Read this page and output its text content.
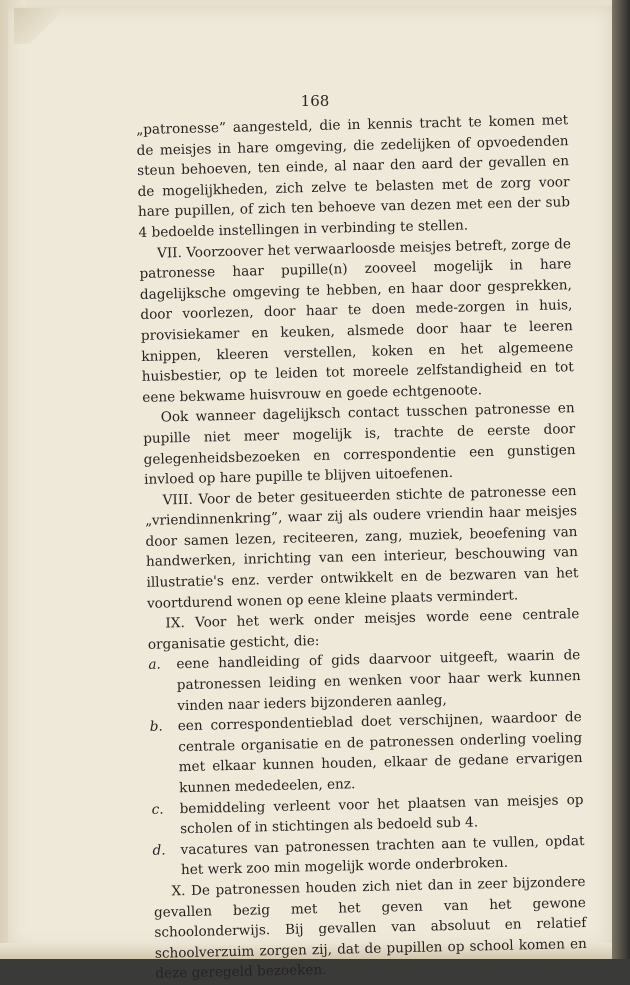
168

„patronesse” aangesteld, die in kennis tracht te komen met de meisjes in hare omgeving, die zedelijken of opvoedenden steun behoeven, ten einde, al naar den aard der gevallen en de mogelijkheden, zich zelve te belasten met de zorg voor hare pupillen, of zich ten behoeve van dezen met een der sub 4 bedoelde instellingen in verbinding te stellen.

VII. Voorzoover het verwaarloosde meisjes betreft, zorge de patronesse haar pupille(n) zooveel mogelijk in hare dagelijksche omgeving te hebben, en haar door gesprekken, door voorlezen, door haar te doen mede-zorgen in huis, provisiekamer en keuken, alsmede door haar te leeren knippen, kleeren verstellen, koken en het algemeene huisbestier, op te leiden tot moreele zelfstandigheid en tot eene bekwame huisvrouw en goede echtgenoote.

Ook wanneer dagelijksch contact tusschen patronesse en pupille niet meer mogelijk is, trachte de eerste door gelegenheidsbezoeken en correspondentie een gunstigen invloed op hare pupille te blijven uitoefenen.

VIII. Voor de beter gesitueerden stichte de patronesse een „vriendinnenkring”, waar zij als oudere vriendin haar meisjes door samen lezen, reciteeren, zang, muziek, beoefening van handwerken, inrichting van een interieur, beschouwing van illustratie's enz. verder ontwikkelt en de bezwaren van het voortdurend wonen op eene kleine plaats vermindert.

IX. Voor het werk onder meisjes worde eene centrale organisatie gesticht, die:

a.	eene handleiding of gids daarvoor uitgeeft, waarin de patronessen leiding en wenken voor haar werk kunnen vinden naar ieders bijzonderen aanleg,
b.	een correspondentieblad doet verschijnen, waardoor de centrale organisatie en de patronessen onderling voeling met elkaar kunnen houden, elkaar de gedane ervarigen kunnen mededeelen, enz.
c.	bemiddeling verleent voor het plaatsen van meisjes op scholen of in stichtingen als bedoeld sub 4.
d.	vacatures van patronessen trachten aan te vullen, opdat het werk zoo min mogelijk worde onderbroken.

X. De patronessen houden zich niet dan in zeer bijzondere gevallen bezig met het geven van het gewone schoolonderwijs. Bij gevallen van absoluut en relatief schoolverzuim zorgen zij, dat de pupillen op school komen en deze geregeld bezoeken.
